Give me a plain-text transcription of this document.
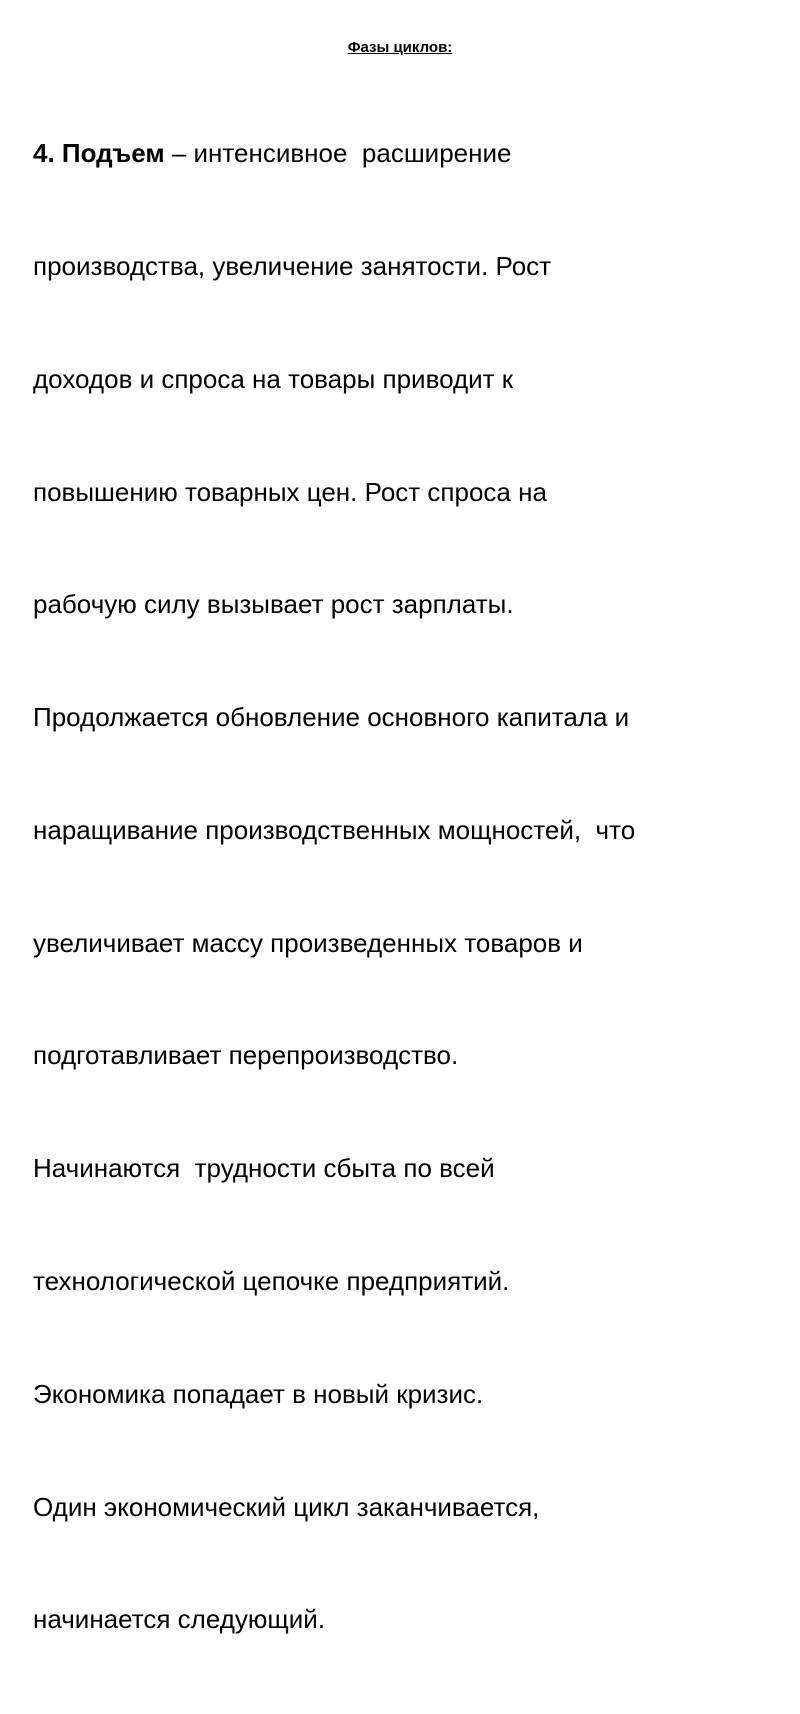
Фазы циклов:

4. Подъем – интенсивное  расширение

производства, увеличение занятости. Рост

доходов и спроса на товары приводит к

повышению товарных цен. Рост спроса на

рабочую силу вызывает рост зарплаты.

Продолжается обновление основного капитала и

наращивание производственных мощностей,  что

увеличивает массу произведенных товаров и

подготавливает перепроизводство.

Начинаются  трудности сбыта по всей

технологической цепочке предприятий.

Экономика попадает в новый кризис.

Один экономический цикл заканчивается,

начинается следующий.
